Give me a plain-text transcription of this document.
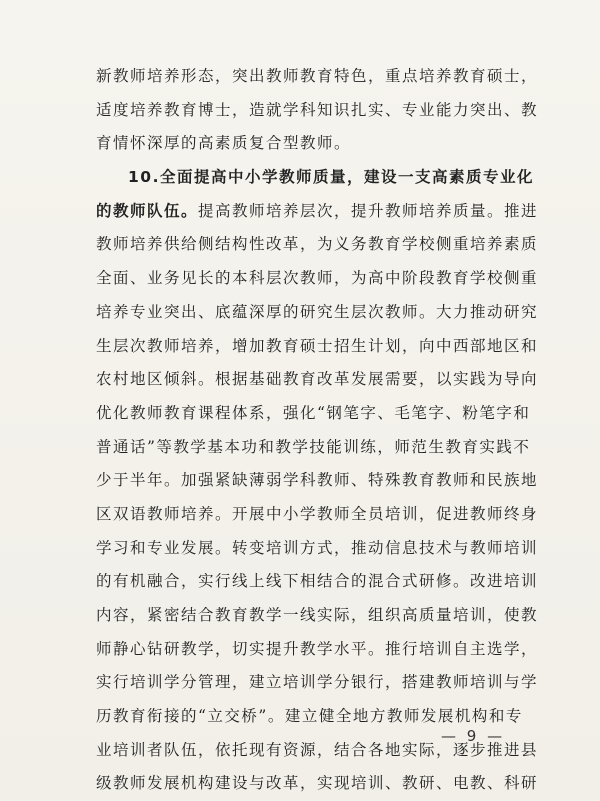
新教师培养形态，突出教师教育特色，重点培养教育硕士，
适度培养教育博士，造就学科知识扎实、专业能力突出、教
育情怀深厚的高素质复合型教师。
10.全面提高中小学教师质量，建设一支高素质专业化
的教师队伍。提高教师培养层次，提升教师培养质量。推进
教师培养供给侧结构性改革，为义务教育学校侧重培养素质
全面、业务见长的本科层次教师，为高中阶段教育学校侧重
培养专业突出、底蕴深厚的研究生层次教师。大力推动研究
生层次教师培养，增加教育硕士招生计划，向中西部地区和
农村地区倾斜。根据基础教育改革发展需要，以实践为导向
优化教师教育课程体系，强化“钢笔字、毛笔字、粉笔字和
普通话”等教学基本功和教学技能训练，师范生教育实践不
少于半年。加强紧缺薄弱学科教师、特殊教育教师和民族地
区双语教师培养。开展中小学教师全员培训，促进教师终身
学习和专业发展。转变培训方式，推动信息技术与教师培训
的有机融合，实行线上线下相结合的混合式研修。改进培训
内容，紧密结合教育教学一线实际，组织高质量培训，使教
师静心钻研教学，切实提升教学水平。推行培训自主选学，
实行培训学分管理，建立培训学分银行，搭建教师培训与学
历教育衔接的“立交桥”。建立健全地方教师发展机构和专
业培训者队伍，依托现有资源，结合各地实际，逐步推进县
级教师发展机构建设与改革，实现培训、教研、电教、科研
— 9 —
